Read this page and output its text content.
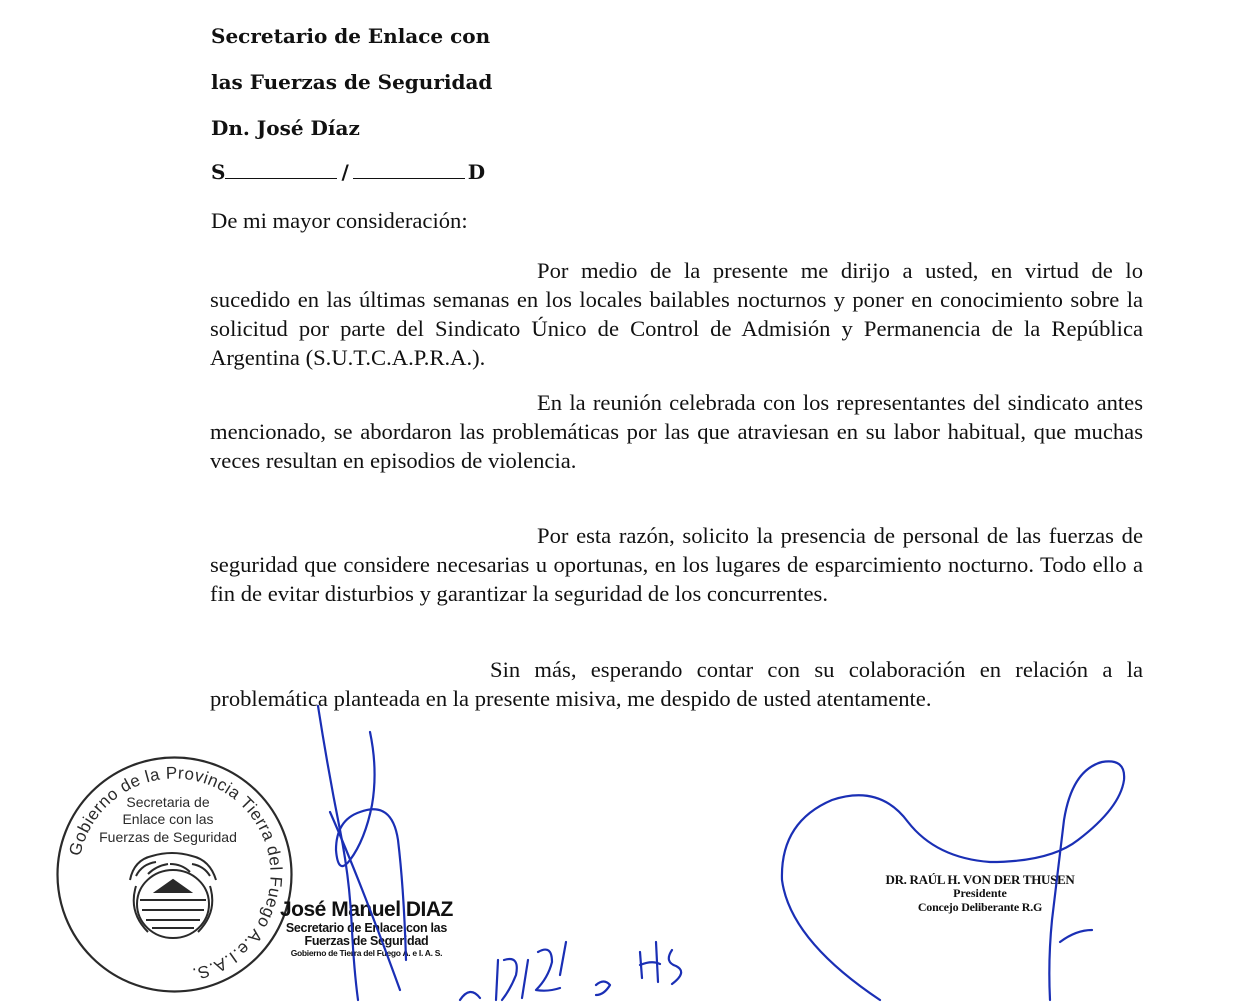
Secretario de Enlace con

las Fuerzas de Seguridad

Dn. José Díaz

S	/	D

De mi mayor consideración:

Por medio de la presente me dirijo a usted, en virtud de lo sucedido en las últimas semanas en los locales bailables nocturnos y poner en conocimiento sobre la solicitud por parte del Sindicato Único de Control de Admisión y Permanencia de la República Argentina (S.U.T.C.A.P.R.A.).

En la reunión celebrada con los representantes del sindicato antes mencionado, se abordaron las problemáticas por las que atraviesan en su labor habitual, que muchas veces resultan en episodios de violencia.

Por esta razón, solicito la presencia de personal de las fuerzas de seguridad que considere necesarias u oportunas, en los lugares de esparcimiento nocturno. Todo ello a fin de evitar disturbios y garantizar la seguridad de los concurrentes.

Sin más, esperando contar con su colaboración en relación a la problemática planteada en la presente misiva, me despido de usted atentamente.

Gobierno de la Provincia Tierra del Fuego A.e.I.A.S.
Secretaria de
Enlace con las
Fuerzas de Seguridad
José Manuel DIAZ
Secretario de Enlace con las
Fuerzas de Seguridad
Gobierno de Tierra del Fuego A. e I. A. S.
DR. RAÚL H. VON DER THUSEN
Presidente
Concejo Deliberante R.G
